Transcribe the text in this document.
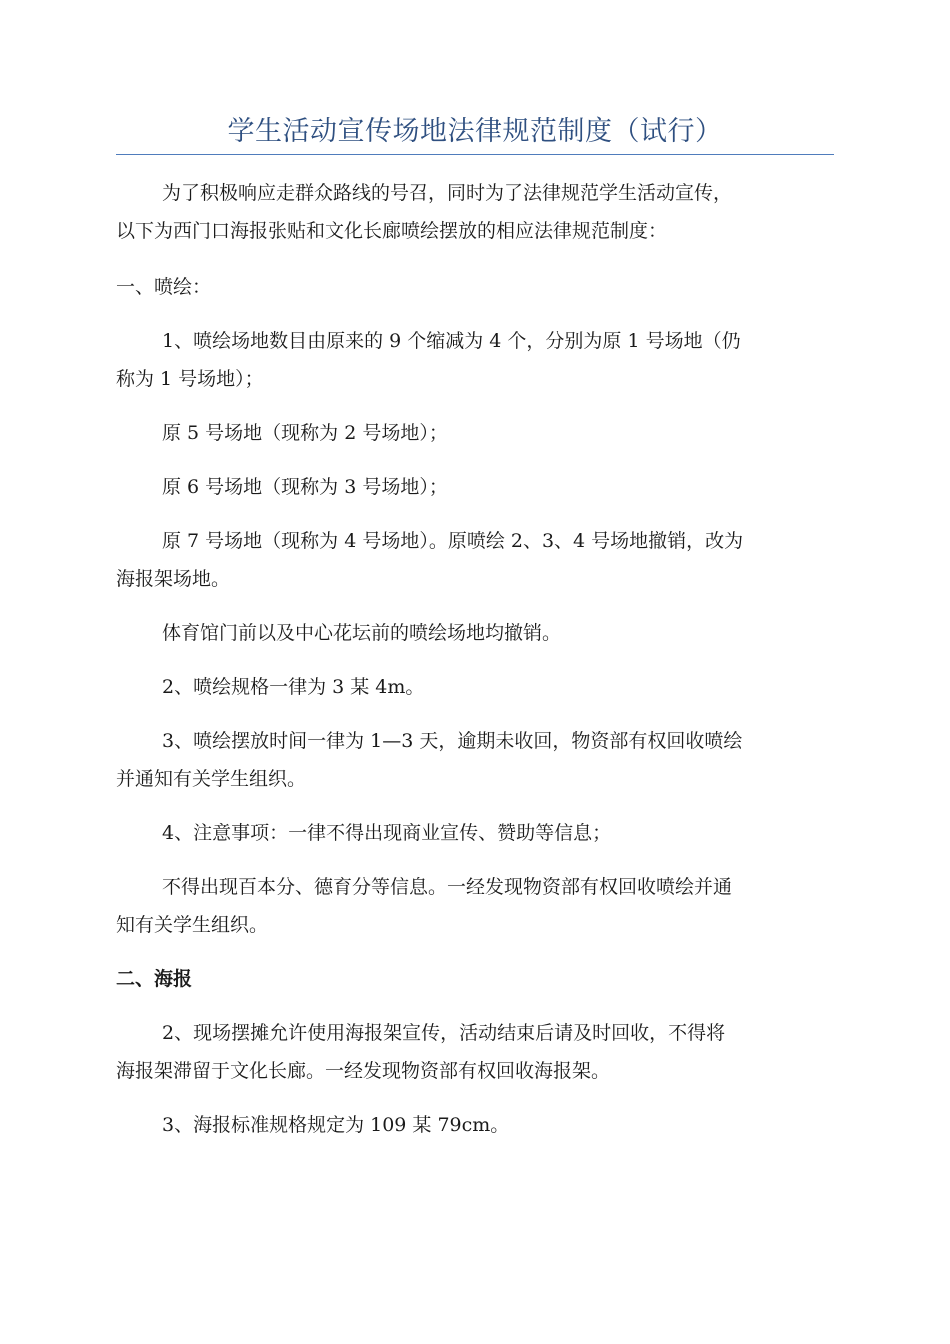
学生活动宣传场地法律规范制度（试行）
为了积极响应走群众路线的号召，同时为了法律规范学生活动宣传，
以下为西门口海报张贴和文化长廊喷绘摆放的相应法律规范制度：
一、喷绘：
1、喷绘场地数目由原来的 9 个缩减为 4 个，分别为原 1 号场地（仍
称为 1 号场地）；
原 5 号场地（现称为 2 号场地）；
原 6 号场地（现称为 3 号场地）；
原 7 号场地（现称为 4 号场地）。原喷绘 2、3、4 号场地撤销，改为
海报架场地。
体育馆门前以及中心花坛前的喷绘场地均撤销。
2、喷绘规格一律为 3 某 4m。
3、喷绘摆放时间一律为 1—3 天，逾期未收回，物资部有权回收喷绘
并通知有关学生组织。
4、注意事项：一律不得出现商业宣传、赞助等信息；
不得出现百本分、德育分等信息。一经发现物资部有权回收喷绘并通
知有关学生组织。
二、海报
2、现场摆摊允许使用海报架宣传，活动结束后请及时回收，不得将
海报架滞留于文化长廊。一经发现物资部有权回收海报架。
3、海报标准规格规定为 109 某 79cm。
